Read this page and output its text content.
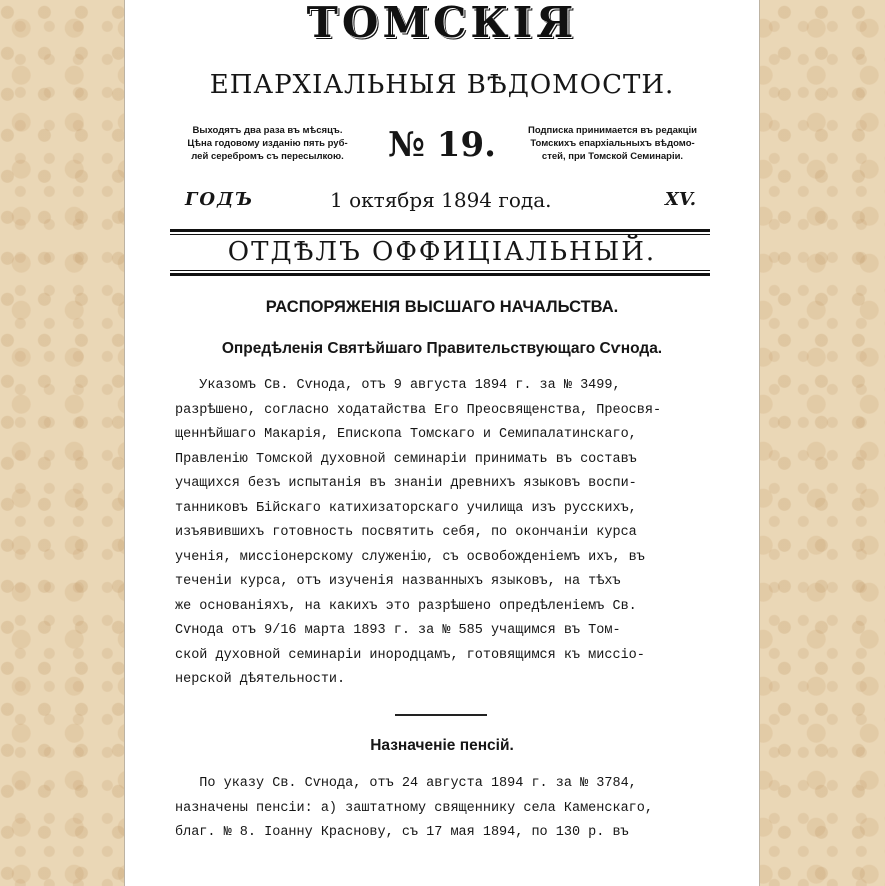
ТОМСКІЯ
ЕПАРХІАЛЬНЫЯ ВѢДОМОСТИ.
Выходятъ два раза въ мѣсяцъ.
Цѣна годовому изданію пять руб-
лей серебромъ съ пересылкою.	№ 19.	Подписка принимается въ редакціи
Томскихъ епархіальныхъ вѣдомо-
стей, при Томской Семинаріи.
ГОДЪ	1 октября 1894 года.	XV.
ОТДѢЛЪ ОФФИЦІАЛЬНЫЙ.
РАСПОРЯЖЕНІЯ ВЫСШАГО НАЧАЛЬСТВА.
Опредѣленія Святѣйшаго Правительствующаго Сѵнода.
Указомъ Св. Сѵнода, отъ 9 августа 1894 г. за № 3499,
разрѣшено, согласно ходатайства Его Преосвященства, Преосвя-
щеннѣйшаго Макарія, Епископа Томскаго и Семипалатинскаго,
Правленію Томской духовной семинаріи принимать въ составъ
учащихся безъ испытанія въ знаніи древнихъ языковъ воспи-
танниковъ Бійскаго катихизаторскаго училища изъ русскихъ,
изъявившихъ готовность посвятить себя, по окончаніи курса
ученія, миссіонерскому служенію, съ освобожденіемъ ихъ, въ
теченіи курса, отъ изученія названныхъ языковъ, на тѣхъ
же основаніяхъ, на какихъ это разрѣшено опредѣленіемъ Св.
Сѵнода отъ 9/16 марта 1893 г. за № 585 учащимся въ Том-
ской духовной семинаріи инородцамъ, готовящимся къ миссіо-
нерской дѣятельности.
Назначеніе пенсій.
По указу Св. Сѵнода, отъ 24 августа 1894 г. за № 3784,
назначены пенсіи: а) заштатному священнику села Каменскаго,
благ. № 8. Іоанну Краснову, съ 17 мая 1894, по 130 р. въ
